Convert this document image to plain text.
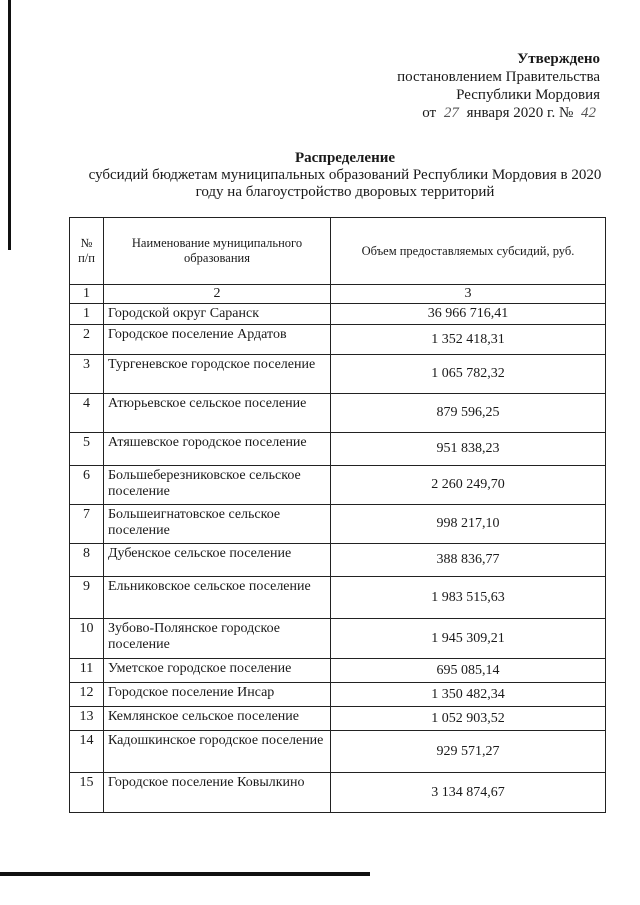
Утверждено
постановлением Правительства
Республики Мордовия
от 27 января 2020 г. № 42
Распределение
субсидий бюджетам муниципальных образований Республики Мордовия в 2020 году на благоустройство дворовых территорий
№ п/п	Наименование муниципального образования	Объем предоставляемых субсидий, руб.
1	2	3
1	Городской округ Саранск	36 966 716,41
2	Городское поселение Ардатов	1 352 418,31
3	Тургеневское городское поселение	1 065 782,32
4	Атюрьевское сельское поселение	879 596,25
5	Атяшевское городское поселение	951 838,23
6	Большеберезниковское сельское поселение	2 260 249,70
7	Большеигнатовское сельское поселение	998 217,10
8	Дубенское сельское поселение	388 836,77
9	Ельниковское сельское поселение	1 983 515,63
10	Зубово-Полянское городское поселение	1 945 309,21
11	Уметское городское поселение	695 085,14
12	Городское поселение Инсар	1 350 482,34
13	Кемлянское сельское поселение	1 052 903,52
14	Кадошкинское городское поселение	929 571,27
15	Городское поселение Ковылкино	3 134 874,67
